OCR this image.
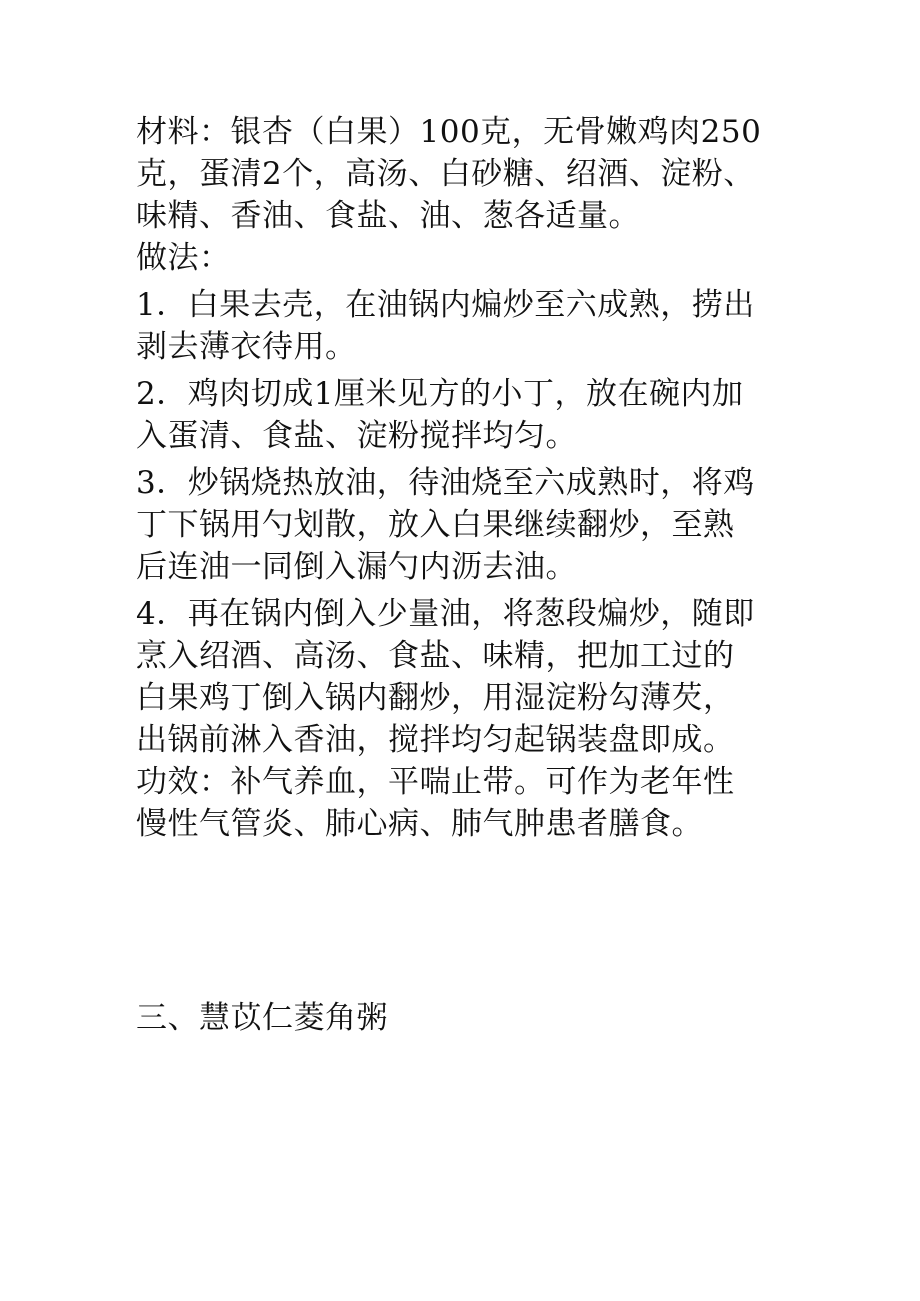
材料：银杏（白果）100克，无骨嫩鸡肉250
克，蛋清2个，高汤、白砂糖、绍酒、淀粉、
味精、香油、食盐、油、葱各适量。
做法：
1．白果去壳，在油锅内煸炒至六成熟，捞出
剥去薄衣待用。
2．鸡肉切成1厘米见方的小丁，放在碗内加
入蛋清、食盐、淀粉搅拌均匀。
3．炒锅烧热放油，待油烧至六成熟时，将鸡
丁下锅用勺划散，放入白果继续翻炒，至熟
后连油一同倒入漏勺内沥去油。
4．再在锅内倒入少量油，将葱段煸炒，随即
烹入绍酒、高汤、食盐、味精，把加工过的
白果鸡丁倒入锅内翻炒，用湿淀粉勾薄芡，
出锅前淋入香油，搅拌均匀起锅装盘即成。
功效：补气养血，平喘止带。可作为老年性
慢性气管炎、肺心病、肺气肿患者膳食。
三、慧苡仁菱角粥
